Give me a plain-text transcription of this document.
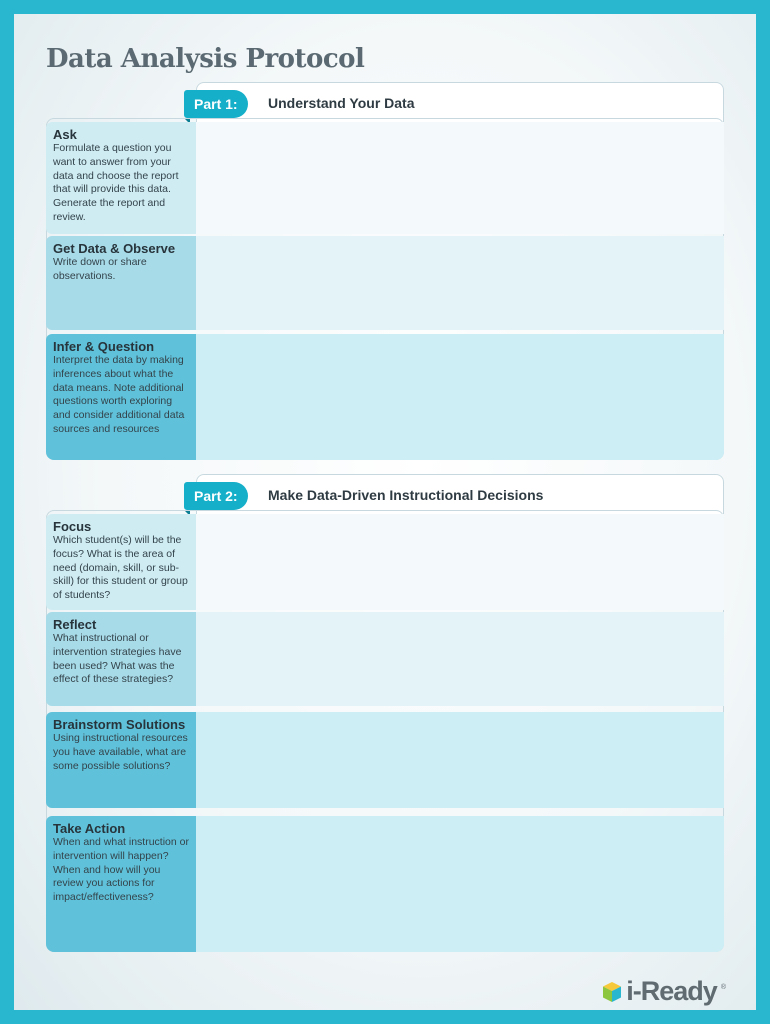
Data Analysis Protocol
Part 1:	Understand Your Data
Ask
Formulate a question you want to answer from your data and choose the report that will provide this data. Generate the report and review.
Get Data & Observe
Write down or share observations.
Infer & Question
Interpret the data by making inferences about what the data means. Note additional questions worth exploring and consider additional data sources and resources
Part 2:	Make Data-Driven Instructional Decisions
Focus
Which student(s) will be the focus? What is the area of need (domain, skill, or sub-skill) for this student or group of students?
Reflect
What instructional or intervention strategies have been used? What was the effect of these strategies?
Brainstorm Solutions
Using instructional resources you have available, what are some possible solutions?
Take Action
When and what instruction or intervention will happen? When and how will you review you actions for impact/effectiveness?
i-Ready ®
